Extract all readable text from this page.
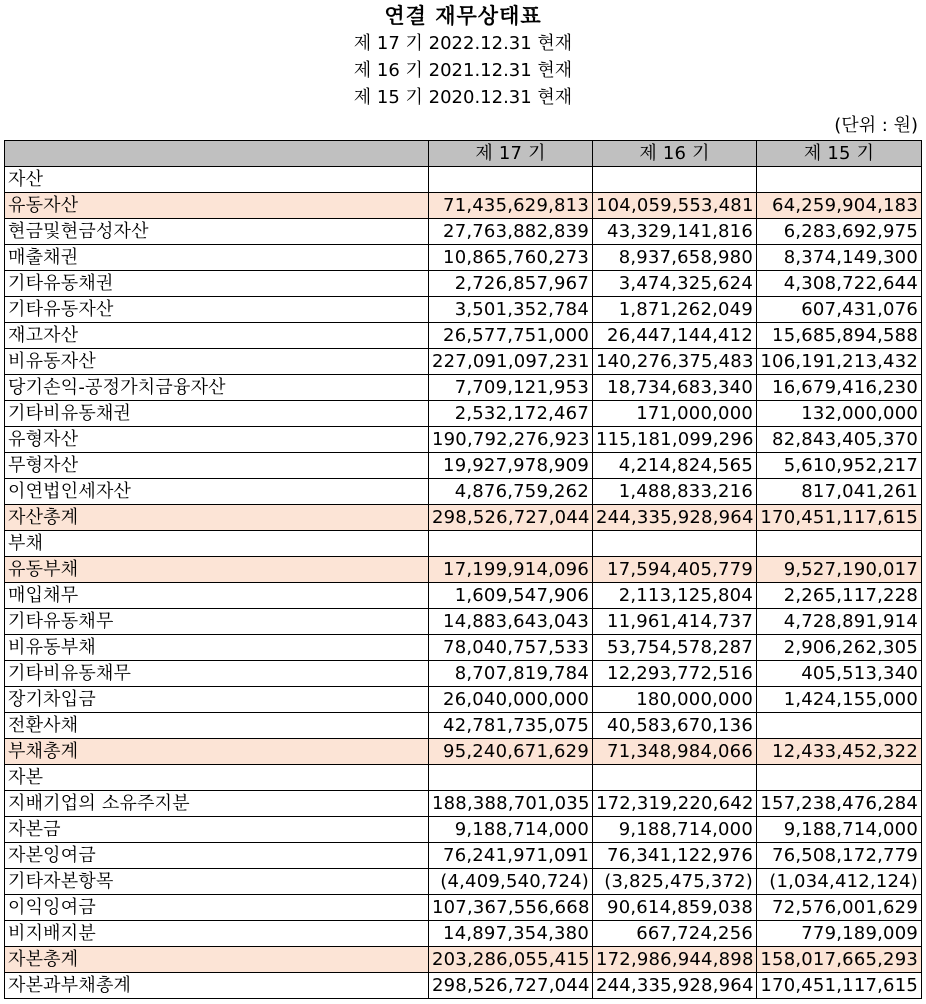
연결 재무상태표
제 17 기 2022.12.31 현재
제 16 기 2021.12.31 현재
제 15 기 2020.12.31 현재
(단위 : 원)
	제 17 기	제 16 기	제 15 기
자산			
유동자산	71,435,629,813	104,059,553,481	64,259,904,183
현금및현금성자산	27,763,882,839	43,329,141,816	6,283,692,975
매출채권	10,865,760,273	8,937,658,980	8,374,149,300
기타유동채권	2,726,857,967	3,474,325,624	4,308,722,644
기타유동자산	3,501,352,784	1,871,262,049	607,431,076
재고자산	26,577,751,000	26,447,144,412	15,685,894,588
비유동자산	227,091,097,231	140,276,375,483	106,191,213,432
당기손익-공정가치금융자산	7,709,121,953	18,734,683,340	16,679,416,230
기타비유동채권	2,532,172,467	171,000,000	132,000,000
유형자산	190,792,276,923	115,181,099,296	82,843,405,370
무형자산	19,927,978,909	4,214,824,565	5,610,952,217
이연법인세자산	4,876,759,262	1,488,833,216	817,041,261
자산총계	298,526,727,044	244,335,928,964	170,451,117,615
부채			
유동부채	17,199,914,096	17,594,405,779	9,527,190,017
매입채무	1,609,547,906	2,113,125,804	2,265,117,228
기타유동채무	14,883,643,043	11,961,414,737	4,728,891,914
비유동부채	78,040,757,533	53,754,578,287	2,906,262,305
기타비유동채무	8,707,819,784	12,293,772,516	405,513,340
장기차입금	26,040,000,000	180,000,000	1,424,155,000
전환사채	42,781,735,075	40,583,670,136	
부채총계	95,240,671,629	71,348,984,066	12,433,452,322
자본			
지배기업의 소유주지분	188,388,701,035	172,319,220,642	157,238,476,284
자본금	9,188,714,000	9,188,714,000	9,188,714,000
자본잉여금	76,241,971,091	76,341,122,976	76,508,172,779
기타자본항목	(4,409,540,724)	(3,825,475,372)	(1,034,412,124)
이익잉여금	107,367,556,668	90,614,859,038	72,576,001,629
비지배지분	14,897,354,380	667,724,256	779,189,009
자본총계	203,286,055,415	172,986,944,898	158,017,665,293
자본과부채총계	298,526,727,044	244,335,928,964	170,451,117,615
